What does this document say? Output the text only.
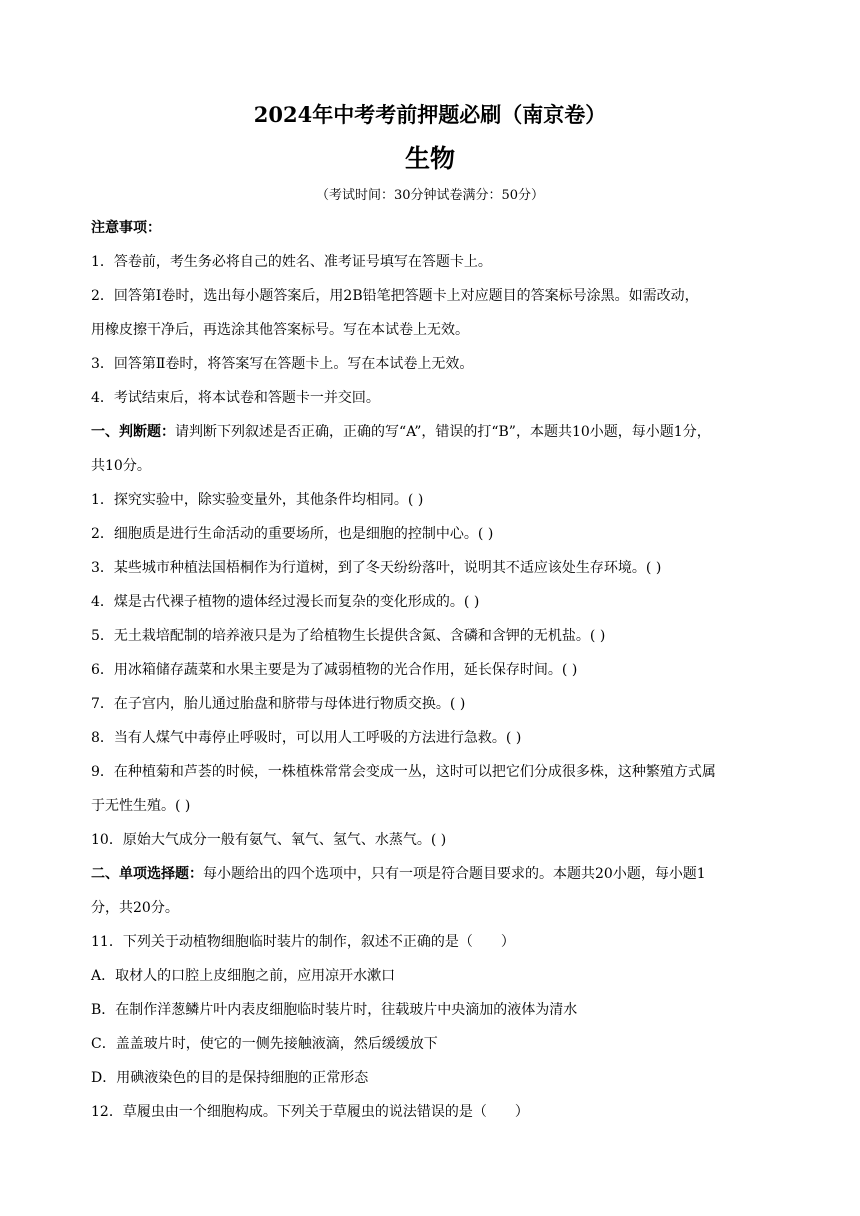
2024年中考考前押题必刷（南京卷）
生物
（考试时间：30分钟试卷满分：50分）

注意事项：

1．答卷前，考生务必将自己的姓名、准考证号填写在答题卡上。

2．回答第Ⅰ卷时，选出每小题答案后，用2B铅笔把答题卡上对应题目的答案标号涂黑。如需改动，

用橡皮擦干净后，再选涂其他答案标号。写在本试卷上无效。

3．回答第Ⅱ卷时，将答案写在答题卡上。写在本试卷上无效。

4．考试结束后，将本试卷和答题卡一并交回。

一、判断题：请判断下列叙述是否正确，正确的写“A”，错误的打“B”，本题共10小题，每小题1分，

共10分。

1．探究实验中，除实验变量外，其他条件均相同。( )

2．细胞质是进行生命活动的重要场所，也是细胞的控制中心。( )

3．某些城市种植法国梧桐作为行道树，到了冬天纷纷落叶，说明其不适应该处生存环境。( )

4．煤是古代裸子植物的遗体经过漫长而复杂的变化形成的。( )

5．无土栽培配制的培养液只是为了给植物生长提供含氮、含磷和含钾的无机盐。( )

6．用冰箱储存蔬菜和水果主要是为了减弱植物的光合作用，延长保存时间。( )

7．在子宫内，胎儿通过胎盘和脐带与母体进行物质交换。( )

8．当有人煤气中毒停止呼吸时，可以用人工呼吸的方法进行急救。( )

9．在种植菊和芦荟的时候，一株植株常常会变成一丛，这时可以把它们分成很多株，这种繁殖方式属

于无性生殖。( )

10．原始大气成分一般有氨气、氧气、氢气、水蒸气。( )

二、单项选择题：每小题给出的四个选项中，只有一项是符合题目要求的。本题共20小题，每小题1

分，共20分。

11．下列关于动植物细胞临时装片的制作，叙述不正确的是（　　）

A．取材人的口腔上皮细胞之前，应用凉开水漱口

B．在制作洋葱鳞片叶内表皮细胞临时装片时，往载玻片中央滴加的液体为清水

C．盖盖玻片时，使它的一侧先接触液滴，然后缓缓放下

D．用碘液染色的目的是保持细胞的正常形态

12．草履虫由一个细胞构成。下列关于草履虫的说法错误的是（　　）
